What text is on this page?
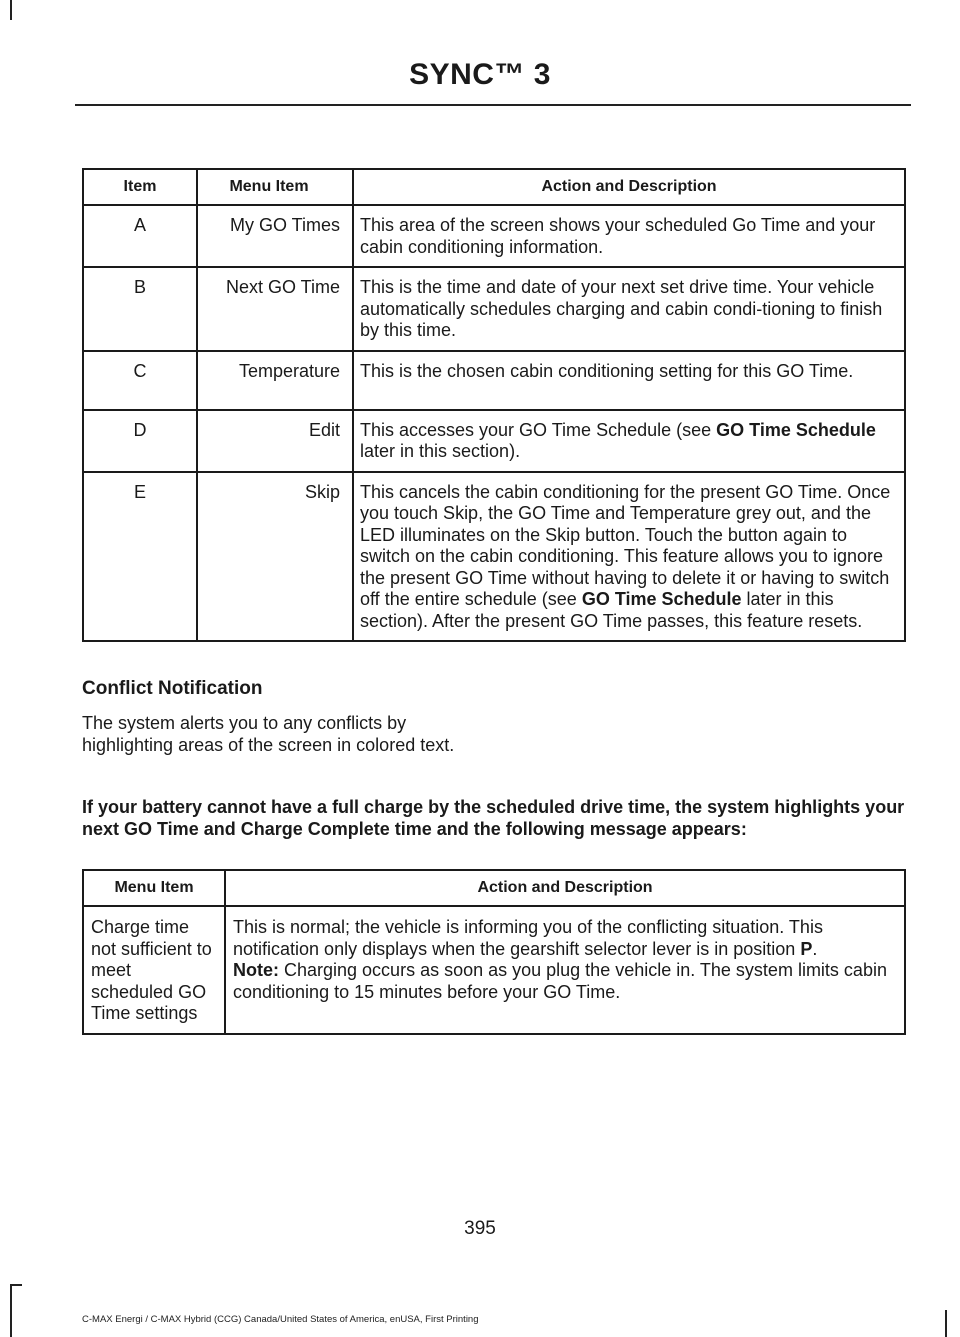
SYNC™ 3
Item	Menu Item	Action and Description
A	My GO Times	This area of the screen shows your scheduled Go Time and your cabin conditioning information.
B	Next GO Time	This is the time and date of your next set drive time. Your vehicle automatically schedules charging and cabin condi-tioning to finish by this time.
C	Temperature	This is the chosen cabin conditioning setting for this GO Time.
D	Edit	This accesses your GO Time Schedule (see GO Time Schedule later in this section).
E	Skip	This cancels the cabin conditioning for the present GO Time. Once you touch Skip, the GO Time and Temperature grey out, and the LED illuminates on the Skip button. Touch the button again to switch on the cabin conditioning. This feature allows you to ignore the present GO Time without having to delete it or having to switch off the entire schedule (see GO Time Schedule later in this section). After the present GO Time passes, this feature resets.
Conflict Notification
The system alerts you to any conflicts by highlighting areas of the screen in colored text.
If your battery cannot have a full charge by the scheduled drive time, the system highlights your next GO Time and Charge Complete time and the following message appears:
Menu Item	Action and Description
Charge time not sufficient to meet scheduled GO Time settings	This is normal; the vehicle is informing you of the conflicting situation. This notification only displays when the gearshift selector lever is in position P.
Note: Charging occurs as soon as you plug the vehicle in. The system limits cabin conditioning to 15 minutes before your GO Time.
395
C-MAX Energi / C-MAX Hybrid (CCG) Canada/United States of America, enUSA, First Printing
